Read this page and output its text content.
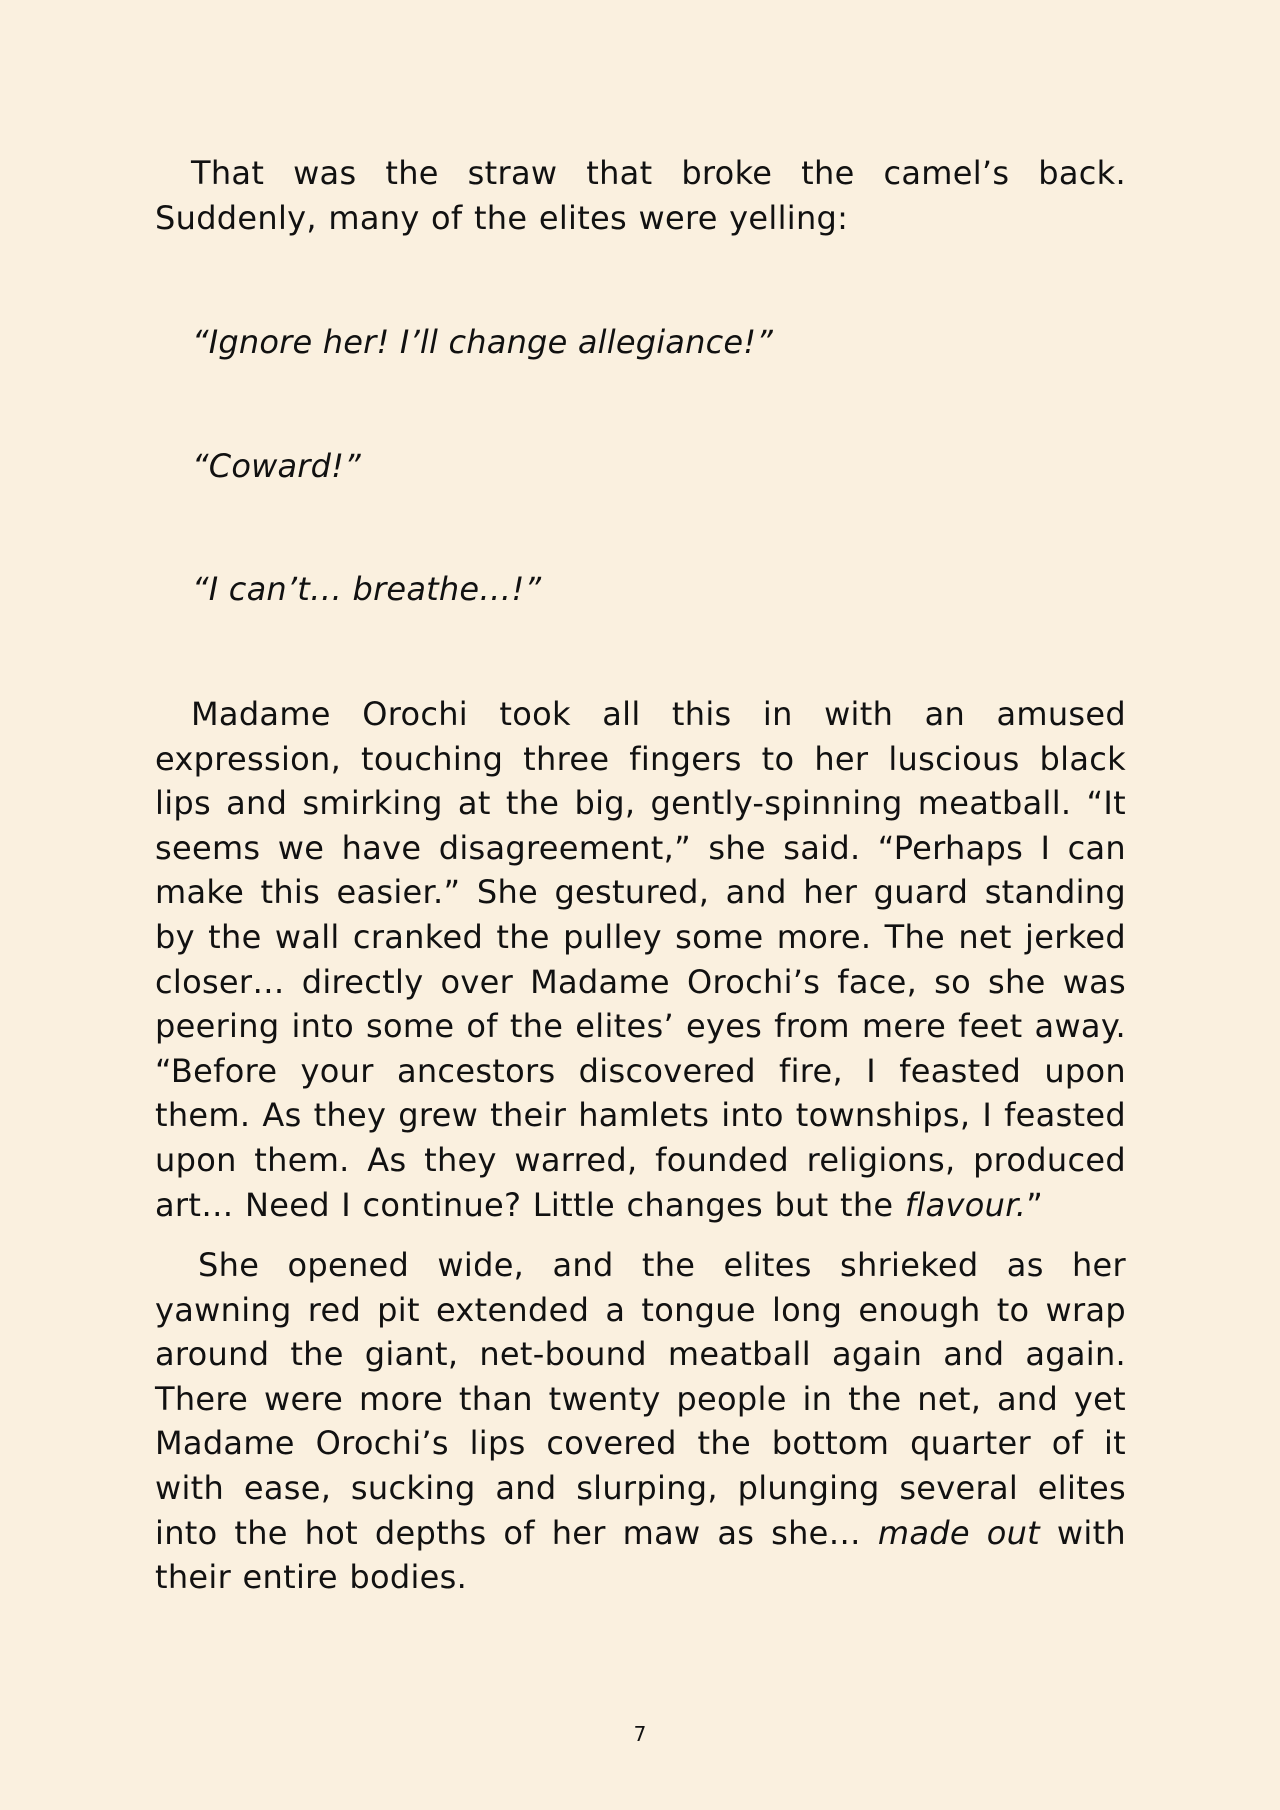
That was the straw that broke the camel’s back. Suddenly, many of the elites were yelling:

“Ignore her! I’ll change allegiance!”

“Coward!”

“I can’t… breathe…!”

Madame Orochi took all this in with an amused expression, touching three fingers to her luscious black lips and smirking at the big, gently-spinning meatball. “It seems we have disagreement,” she said. “Perhaps I can make this easier.” She gestured, and her guard standing by the wall cranked the pulley some more. The net jerked closer… directly over Madame Orochi’s face, so she was peering into some of the elites’ eyes from mere feet away. “Before your ancestors discovered fire, I feasted upon them. As they grew their hamlets into townships, I feasted upon them. As they warred, founded religions, produced art… Need I continue? Little changes but the flavour.”

She opened wide, and the elites shrieked as her yawning red pit extended a tongue long enough to wrap around the giant, net-bound meatball again and again. There were more than twenty people in the net, and yet Madame Orochi’s lips covered the bottom quarter of it with ease, sucking and slurping, plunging several elites into the hot depths of her maw as she… made out with their entire bodies.

7
